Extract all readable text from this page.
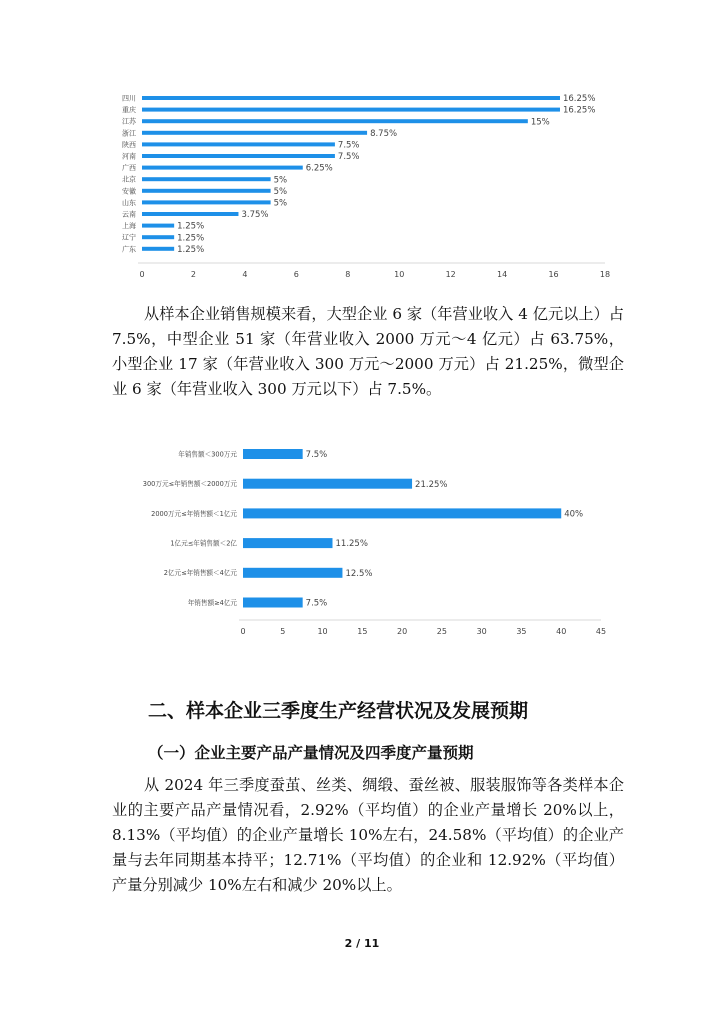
0	2	4	6	8	10	12	14	16	18
四川	16.25%
重庆	16.25%
江苏	15%
浙江	8.75%
陕西	7.5%
河南	7.5%
广西	6.25%
北京	5%
安徽	5%
山东	5%
云南	3.75%
上海	1.25%
辽宁	1.25%
广东	1.25%

从样本企业销售规模来看，大型企业 6 家（年营业收入 4 亿元以上）占 7.5%，中型企业 51 家（年营业收入 2000 万元～4 亿元）占 63.75%，小型企业 17 家（年营业收入 300 万元～2000 万元）占 21.25%，微型企业 6 家（年营业收入 300 万元以下）占 7.5%。

0	5	10	15	20	25	30	35	40	45
年销售额＜300万元	7.5%
300万元≤年销售额＜2000万元	21.25%
2000万元≤年销售额＜1亿元	40%
1亿元≤年销售额＜2亿	11.25%
2亿元≤年销售额＜4亿元	12.5%
年销售额≥4亿元	7.5%
二、样本企业三季度生产经营状况及发展预期
（一）企业主要产品产量情况及四季度产量预期

从 2024 年三季度蚕茧、丝类、绸缎、蚕丝被、服装服饰等各类样本企业的主要产品产量情况看，2.92%（平均值）的企业产量增长 20%以上，8.13%（平均值）的企业产量增长 10%左右，24.58%（平均值）的企业产量与去年同期基本持平；12.71%（平均值）的企业和 12.92%（平均值）产量分别减少 10%左右和减少 20%以上。

2 / 11
